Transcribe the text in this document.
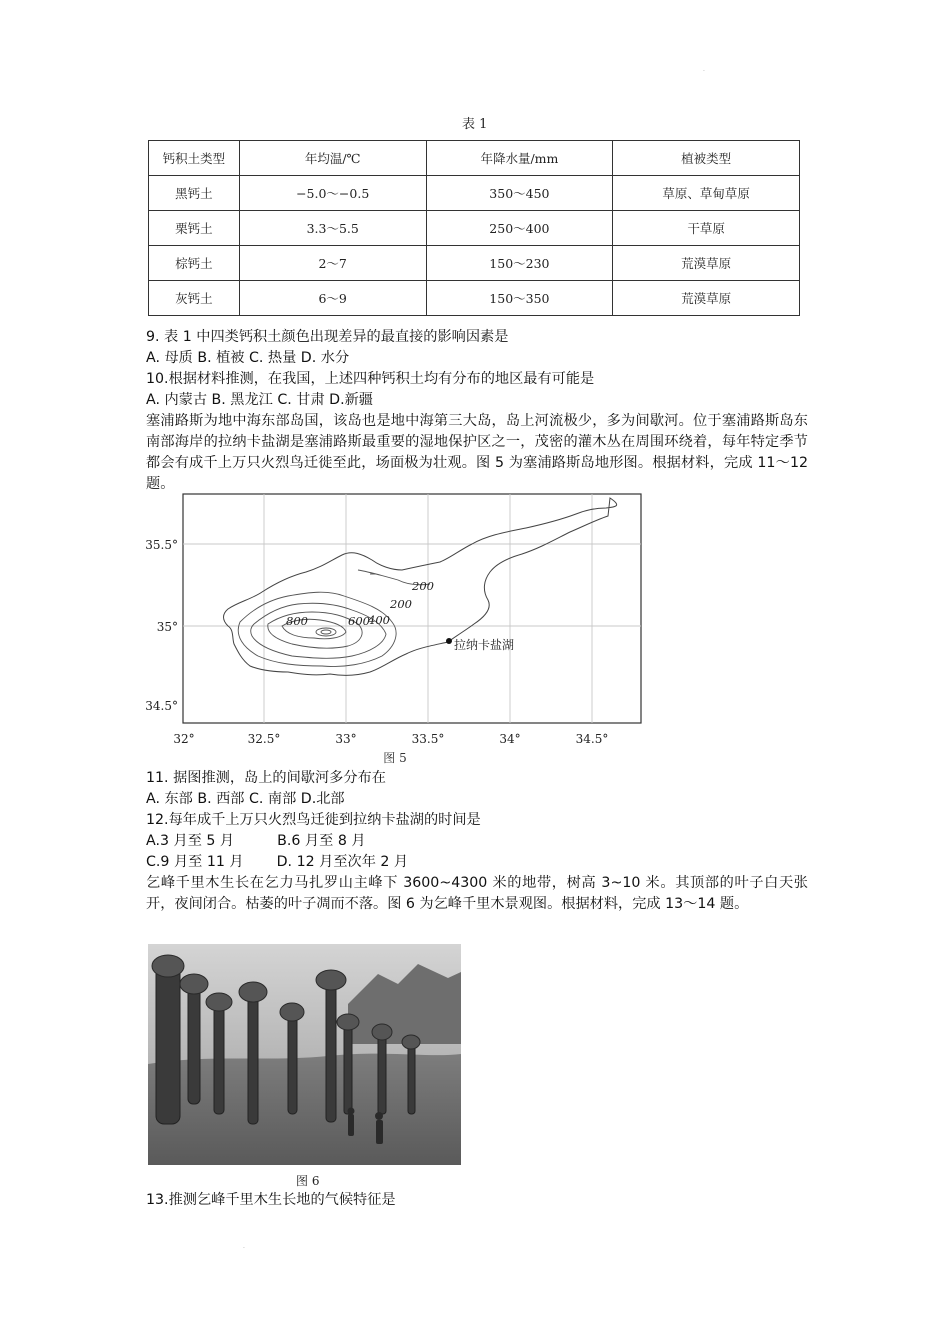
.
.
表 1
钙积土类型	年均温/℃	年降水量/mm	植被类型
黑钙土	−5.0～−0.5	350～450	草原、草甸草原
栗钙土	3.3～5.5	250～400	干草原
棕钙土	2～7	150～230	荒漠草原
灰钙土	6～9	150～350	荒漠草原
9. 表 1 中四类钙积土颜色出现差异的最直接的影响因素是
A. 母质 B. 植被 C. 热量 D. 水分
10.根据材料推测，在我国，上述四种钙积土均有分布的地区最有可能是
A. 内蒙古 B. 黑龙江 C. 甘肃 D.新疆
塞浦路斯为地中海东部岛国，该岛也是地中海第三大岛，岛上河流极少，多为间歇河。位于塞浦路斯岛东南部海岸的拉纳卡盐湖是塞浦路斯最重要的湿地保护区之一，茂密的灌木丛在周围环绕着，每年特定季节都会有成千上万只火烈鸟迁徙至此，场面极为壮观。图 5 为塞浦路斯岛地形图。根据材料，完成 11～12 题。
200
200
400
600
800
拉纳卡盐湖
35.5°
35°
34.5°
32°	32.5°	33°	33.5°	34°	34.5°
图 5
11. 据图推测，岛上的间歇河多分布在
A. 东部 B. 西部 C. 南部 D.北部
12.每年成千上万只火烈鸟迁徙到拉纳卡盐湖的时间是
A.3 月至 5 月	B.6 月至 8 月
C.9 月至 11 月 D. 12 月至次年 2 月
乞峰千里木生长在乞力马扎罗山主峰下 3600~4300 米的地带，树高 3~10 米。其顶部的叶子白天张开，夜间闭合。枯萎的叶子凋而不落。图 6 为乞峰千里木景观图。根据材料，完成 13～14 题。
图 6
13.推测乞峰千里木生长地的气候特征是
